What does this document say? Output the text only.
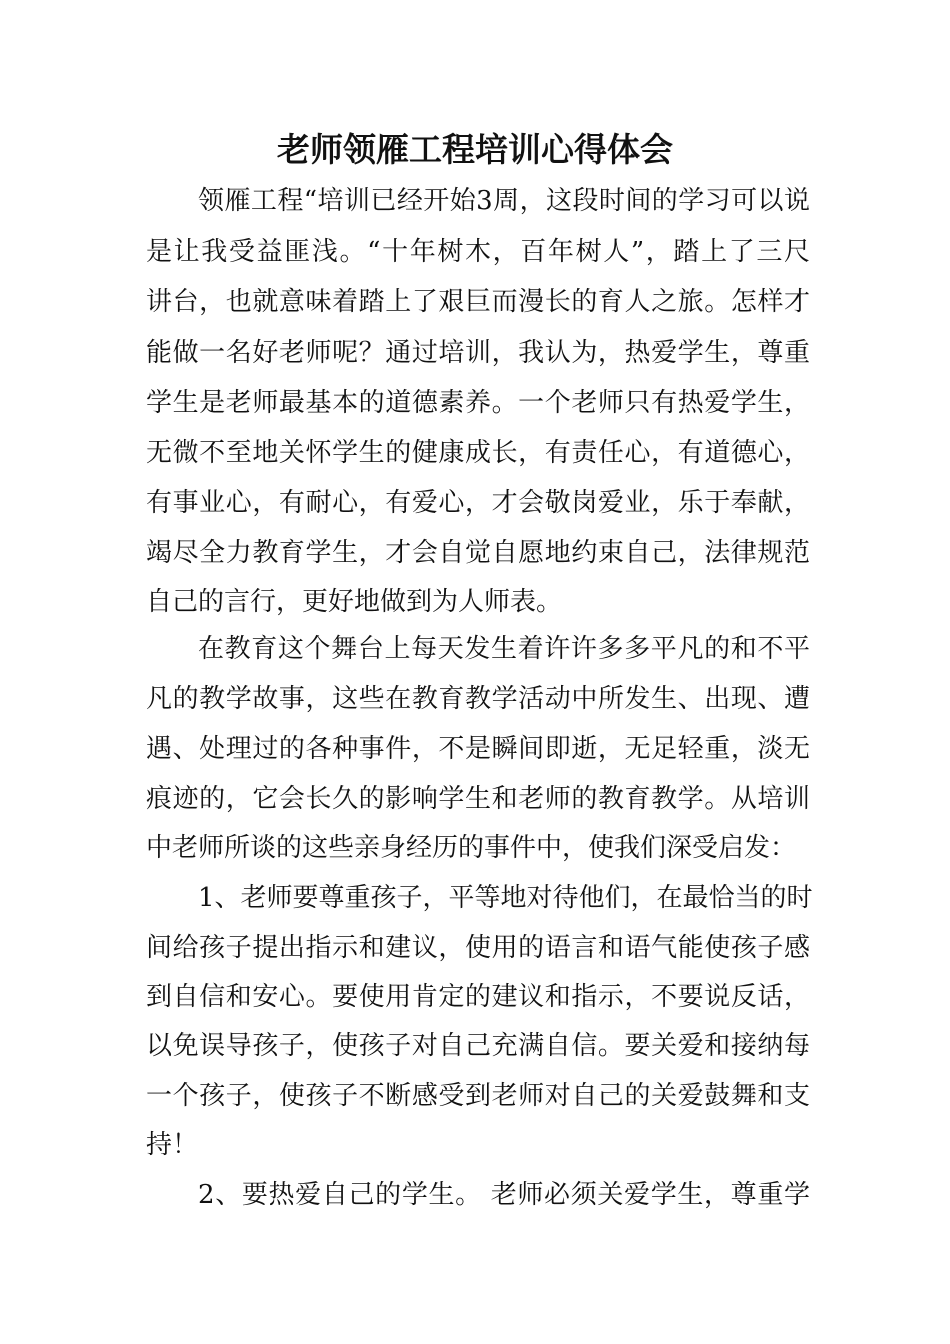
老师领雁工程培训心得体会

领雁工程“培训已经开始3周，这段时间的学习可以说

是让我受益匪浅。“十年树木，百年树人”，踏上了三尺

讲台，也就意味着踏上了艰巨而漫长的育人之旅。怎样才

能做一名好老师呢？通过培训，我认为，热爱学生，尊重

学生是老师最基本的道德素养。一个老师只有热爱学生，

无微不至地关怀学生的健康成长，有责任心，有道德心，

有事业心，有耐心，有爱心，才会敬岗爱业，乐于奉献，

竭尽全力教育学生，才会自觉自愿地约束自己，法律规范

自己的言行，更好地做到为人师表。

在教育这个舞台上每天发生着许许多多平凡的和不平

凡的教学故事，这些在教育教学活动中所发生、出现、遭

遇、处理过的各种事件，不是瞬间即逝，无足轻重，淡无

痕迹的，它会长久的影响学生和老师的教育教学。从培训

中老师所谈的这些亲身经历的事件中，使我们深受启发：

1、老师要尊重孩子，平等地对待他们，在最恰当的时

间给孩子提出指示和建议，使用的语言和语气能使孩子感

到自信和安心。要使用肯定的建议和指示，不要说反话，

以免误导孩子，使孩子对自己充满自信。要关爱和接纳每

一个孩子，使孩子不断感受到老师对自己的关爱鼓舞和支

持！

2、要热爱自己的学生。 老师必须关爱学生，尊重学
